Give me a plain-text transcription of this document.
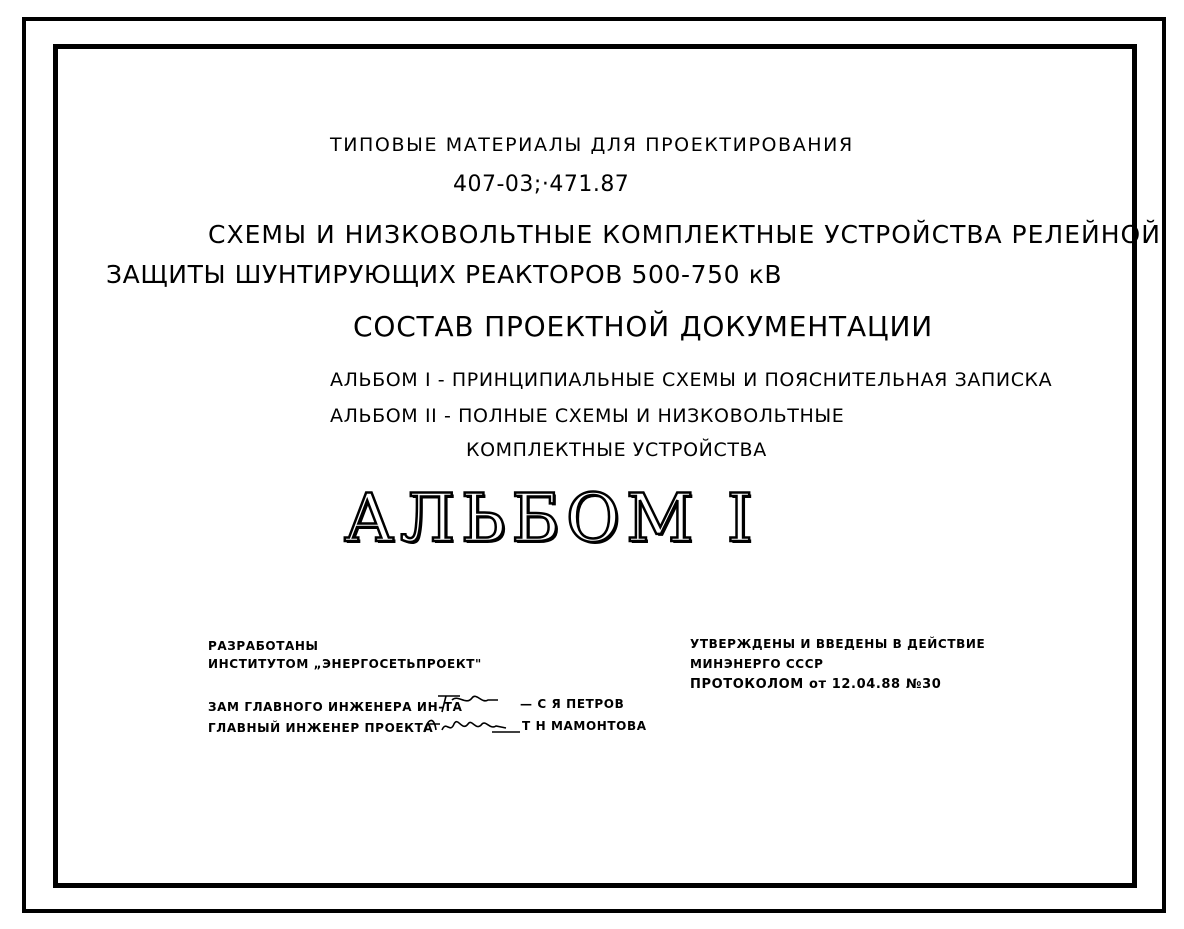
ТИПОВЫЕ МАТЕРИАЛЫ ДЛЯ ПРОЕКТИРОВАНИЯ
407-03;·471.87
СХЕМЫ И НИЗКОВОЛЬТНЫЕ КОМПЛЕКТНЫЕ УСТРОЙСТВА РЕЛЕЙНОЙ
ЗАЩИТЫ ШУНТИРУЮЩИХ РЕАКТОРОВ 500-750 кВ
СОСТАВ ПРОЕКТНОЙ ДОКУМЕНТАЦИИ
АЛЬБОМ I - ПРИНЦИПИАЛЬНЫЕ СХЕМЫ И ПОЯСНИТЕЛЬНАЯ ЗАПИСКА
АЛЬБОМ II - ПОЛНЫЕ СХЕМЫ И НИЗКОВОЛЬТНЫЕ
КОМПЛЕКТНЫЕ УСТРОЙСТВА
АЛЬБОМ I
РАЗРАБОТАНЫ
ИНСТИТУТОМ „ЭНЕРГОСЕТЬПРОЕКТ"
УТВЕРЖДЕНЫ И ВВЕДЕНЫ В ДЕЙСТВИЕ
МИНЭНЕРГО СССР
ПРОТОКОЛОМ от 12.04.88 №30
ЗАМ ГЛАВНОГО ИНЖЕНЕРА ИН-ТА
ГЛАВНЫЙ ИНЖЕНЕР ПРОЕКТА
— С Я ПЕТРОВ
Т Н МАМОНТОВА
